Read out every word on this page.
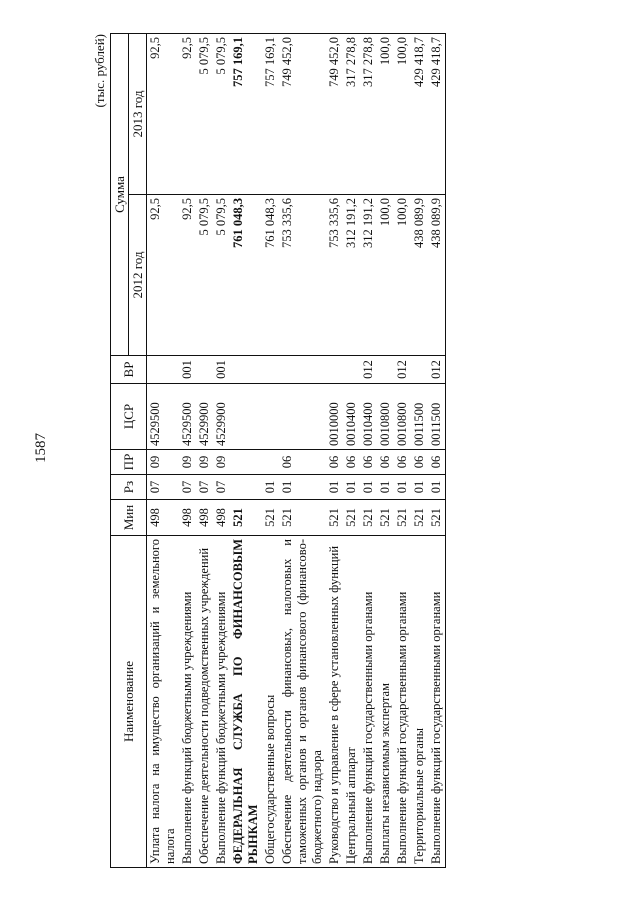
1587
(тыс. рублей)
Наименование	Мин	Рз	ПР	ЦСР	ВР	Сумма	
						2012 год	2013 год
Уплата налога на имущество организаций и земельного налога	498	07	09	4529500		92,5	92,5
Выполнение функций бюджетными учреждениями	498	07	09	4529500	001	92,5	92,5
Обеспечение деятельности подведомственных учреждений	498	07	09	4529900		5 079,5	5 079,5
Выполнение функций бюджетными учреждениями	498	07	09	4529900	001	5 079,5	5 079,5
ФЕДЕРАЛЬНАЯ СЛУЖБА ПО ФИНАНСОВЫМ РЫНКАМ	521					761 048,3	757 169,1
Общегосударственные вопросы	521	01				761 048,3	757 169,1
Обеспечение деятельности финансовых, налоговых и таможенных органов и органов финансового (финансово-бюджетного) надзора	521	01	06			753 335,6	749 452,0
Руководство и управление в сфере установленных функций	521	01	06	0010000		753 335,6	749 452,0
Центральный аппарат	521	01	06	0010400		312 191,2	317 278,8
Выполнение функций государственными органами	521	01	06	0010400	012	312 191,2	317 278,8
Выплаты независимым экспертам	521	01	06	0010800		100,0	100,0
Выполнение функций государственными органами	521	01	06	0010800	012	100,0	100,0
Территориальные органы	521	01	06	0011500		438 089,9	429 418,7
Выполнение функций государственными органами	521	01	06	0011500	012	438 089,9	429 418,7
